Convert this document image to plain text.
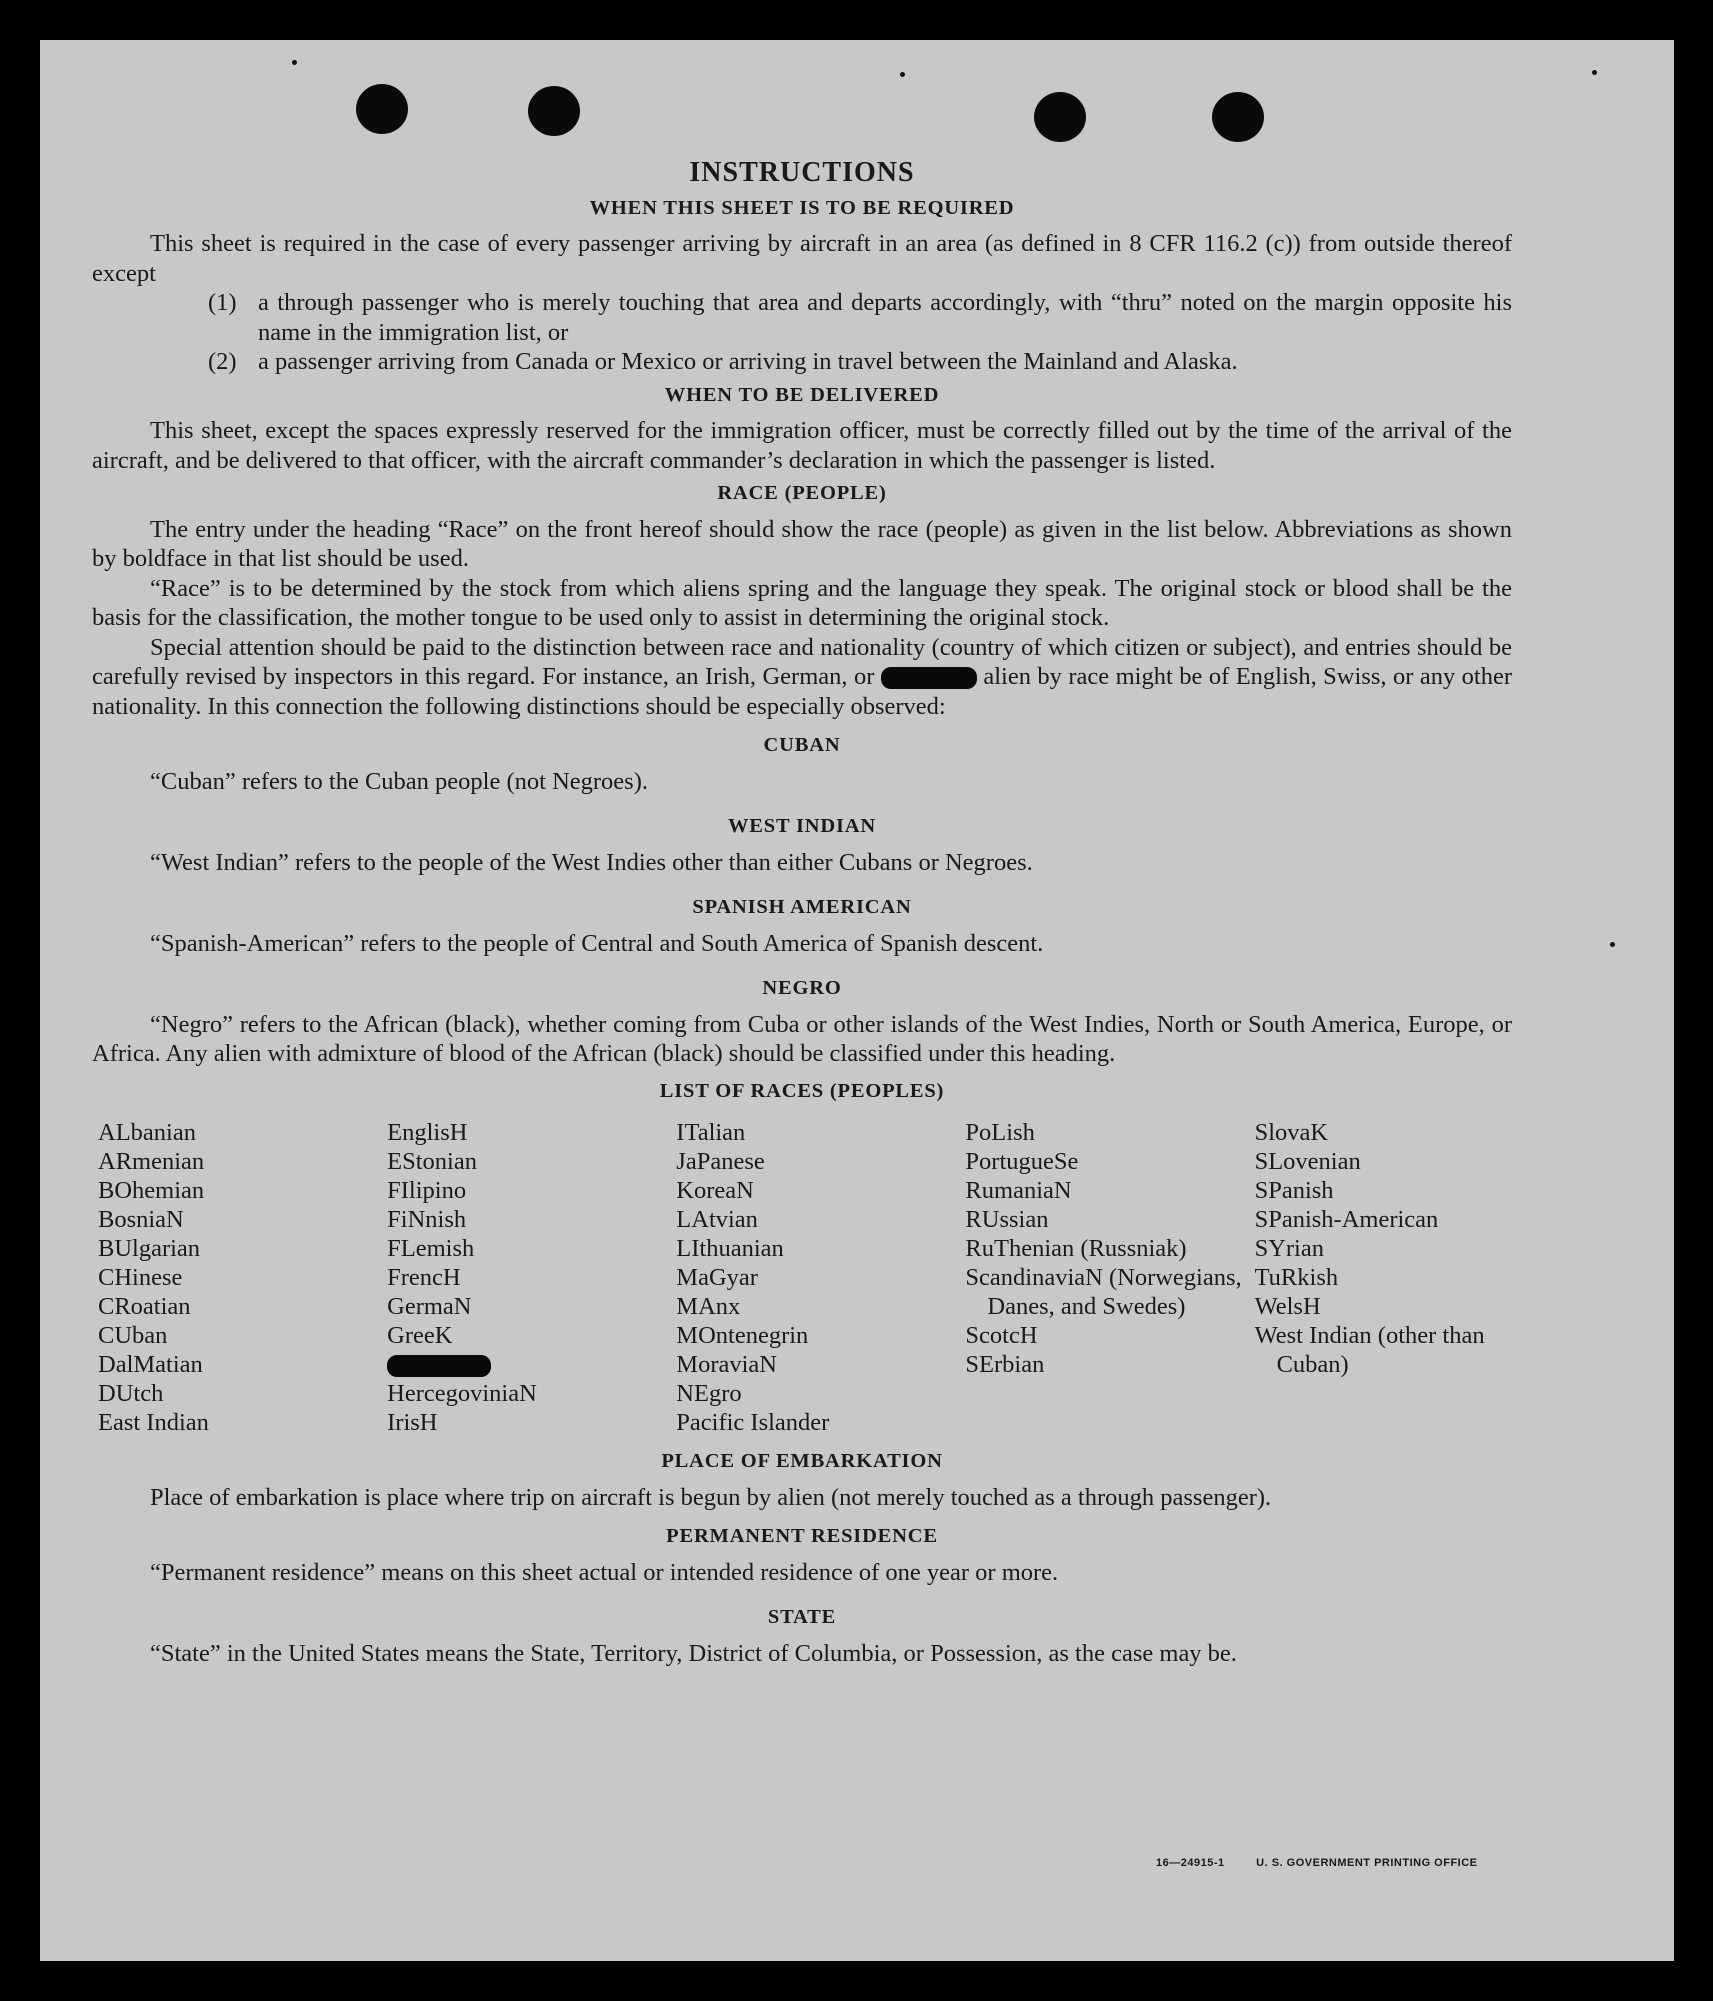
INSTRUCTIONS
WHEN THIS SHEET IS TO BE REQUIRED

This sheet is required in the case of every passenger arriving by aircraft in an area (as defined in 8 CFR 116.2 (c)) from outside thereof except

(1) a through passenger who is merely touching that area and departs accordingly, with “thru” noted on the margin opposite his name in the immigration list, or
(2) a passenger arriving from Canada or Mexico or arriving in travel between the Mainland and Alaska.
WHEN TO BE DELIVERED

This sheet, except the spaces expressly reserved for the immigration officer, must be correctly filled out by the time of the arrival of the aircraft, and be delivered to that officer, with the aircraft commander’s declaration in which the passenger is listed.

RACE (PEOPLE)

The entry under the heading “Race” on the front hereof should show the race (people) as given in the list below. Abbreviations as shown by boldface in that list should be used.

“Race” is to be determined by the stock from which aliens spring and the language they speak. The original stock or blood shall be the basis for the classification, the mother tongue to be used only to assist in determining the original stock.

Special attention should be paid to the distinction between race and nationality (country of which citizen or subject), and entries should be carefully revised by inspectors in this regard. For instance, an Irish, German, or	alien by race might be of English, Swiss, or any other nationality. In this connection the following distinctions should be especially observed:

CUBAN

“Cuban” refers to the Cuban people (not Negroes).

WEST INDIAN

“West Indian” refers to the people of the West Indies other than either Cubans or Negroes.

SPANISH AMERICAN

“Spanish-American” refers to the people of Central and South America of Spanish descent.

NEGRO

“Negro” refers to the African (black), whether coming from Cuba or other islands of the West Indies, North or South America, Europe, or Africa. Any alien with admixture of blood of the African (black) should be classified under this heading.

LIST OF RACES (PEOPLES)
ALbanian
ARmenian
BOhemian
BosniaN
BUlgarian
CHinese
CRoatian
CUban
DalMatian
DUtch
East Indian
EnglisH
EStonian
FIlipino
FiNnish
FLemish
FrencH
GermaN
GreeK
HercegoviniaN
IrisH
ITalian
JaPanese
KoreaN
LAtvian
LIthuanian
MaGyar
MAnx
MOntenegrin
MoraviaN
NEgro
Pacific Islander
PoLish
PortugueSe
RumaniaN
RUssian
RuThenian (Russniak)
ScandinaviaN (Norwegians, Danes, and Swedes)
ScotcH
SErbian
SlovaK
SLovenian
SPanish
SPanish-American
SYrian
TuRkish
WelsH
West Indian (other than Cuban)
PLACE OF EMBARKATION

Place of embarkation is place where trip on aircraft is begun by alien (not merely touched as a through passenger).

PERMANENT RESIDENCE

“Permanent residence” means on this sheet actual or intended residence of one year or more.

STATE

“State” in the United States means the State, Territory, District of Columbia, or Possession, as the case may be.

16—24915-1	U. S. GOVERNMENT PRINTING OFFICE
